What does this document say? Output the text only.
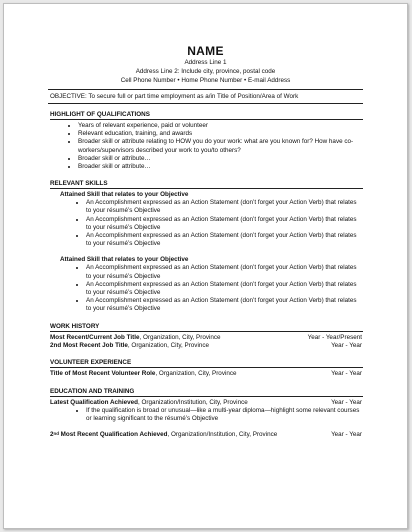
NAME
Address Line 1
Address Line 2: Include city, province, postal code
Cell Phone Number • Home Phone Number • E-mail Address
OBJECTIVE: To secure full or part time employment as a/in Title of Position/Area of Work
HIGHLIGHT OF QUALIFICATIONS
• Years of relevant experience, paid or volunteer
• Relevant education, training, and awards
• Broader skill or attribute relating to HOW you do your work: what are you known for? How have co-workers/supervisors described your work to you/to others?
• Broader skill or attribute…
• Broader skill or attribute…
RELEVANT SKILLS
Attained Skill that relates to your Objective
• An Accomplishment expressed as an Action Statement (don’t forget your Action Verb) that relates to your résumé’s Objective
• An Accomplishment expressed as an Action Statement (don’t forget your Action Verb) that relates to your résumé’s Objective
• An Accomplishment expressed as an Action Statement (don’t forget your Action Verb) that relates to your résumé’s Objective
Attained Skill that relates to your Objective
• An Accomplishment expressed as an Action Statement (don’t forget your Action Verb) that relates to your résumé’s Objective
• An Accomplishment expressed as an Action Statement (don’t forget your Action Verb) that relates to your résumé’s Objective
• An Accomplishment expressed as an Action Statement (don’t forget your Action Verb) that relates to your résumé’s Objective
WORK HISTORY
Most Recent/Current Job Title, Organization, City, Province	Year - Year/Present
2nd Most Recent Job Title, Organization, City, Province	Year - Year
VOLUNTEER EXPERIENCE
Title of Most Recent Volunteer Role, Organization, City, Province	Year - Year
EDUCATION AND TRAINING
Latest Qualification Achieved, Organization/Institution, City, Province	Year - Year
• If the qualification is broad or unusual—like a multi-year diploma—highlight some relevant courses or learning significant to the résumé’s Objective
2nd Most Recent Qualification Achieved, Organization/Institution, City, Province	Year - Year
